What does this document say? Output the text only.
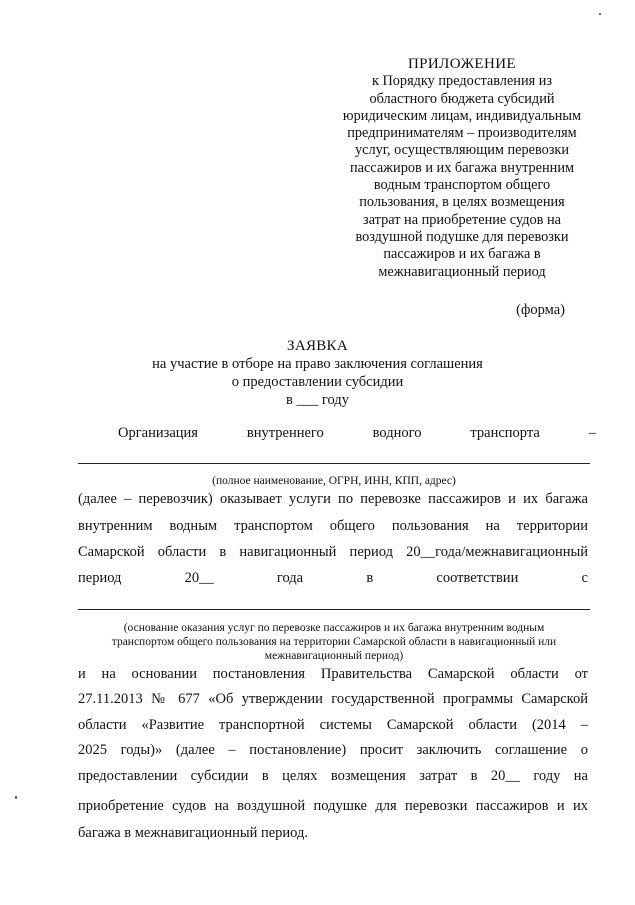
ПРИЛОЖЕНИЕ
к Порядку предоставления из
областного бюджета субсидий
юридическим лицам, индивидуальным
предпринимателям – производителям
услуг, осуществляющим перевозки
пассажиров и их багажа внутренним
водным транспортом общего
пользования, в целях возмещения
затрат на приобретение судов на
воздушной подушке для перевозки
пассажиров и их багажа в
межнавигационный период
(форма)
ЗАЯВКА
на участие в отборе на право заключения соглашения
о предоставлении субсидии
в ___ году
Организация внутреннего водного транспорта –
(полное наименование, ОГРН, ИНН, КПП, адрес)
(далее – перевозчик) оказывает услуги по перевозке пассажиров и их багажа
внутренним водным транспортом общего пользования на территории
Самарской области в навигационный период 20__года/межнавигационный
период 20__ года в соответствии с
(основание оказания услуг по перевозке пассажиров и их багажа внутренним водным
транспортом общего пользования на территории Самарской области в навигационный или
межнавигационный период)
и на основании постановления Правительства Самарской области от
27.11.2013 № 677 «Об утверждении государственной программы Самарской
области «Развитие транспортной системы Самарской области (2014 –
2025 годы)» (далее – постановление) просит заключить соглашение о
предоставлении субсидии в целях возмещения затрат в 20__ году на
приобретение судов на воздушной подушке для перевозки пассажиров и их
багажа в межнавигационный период.
